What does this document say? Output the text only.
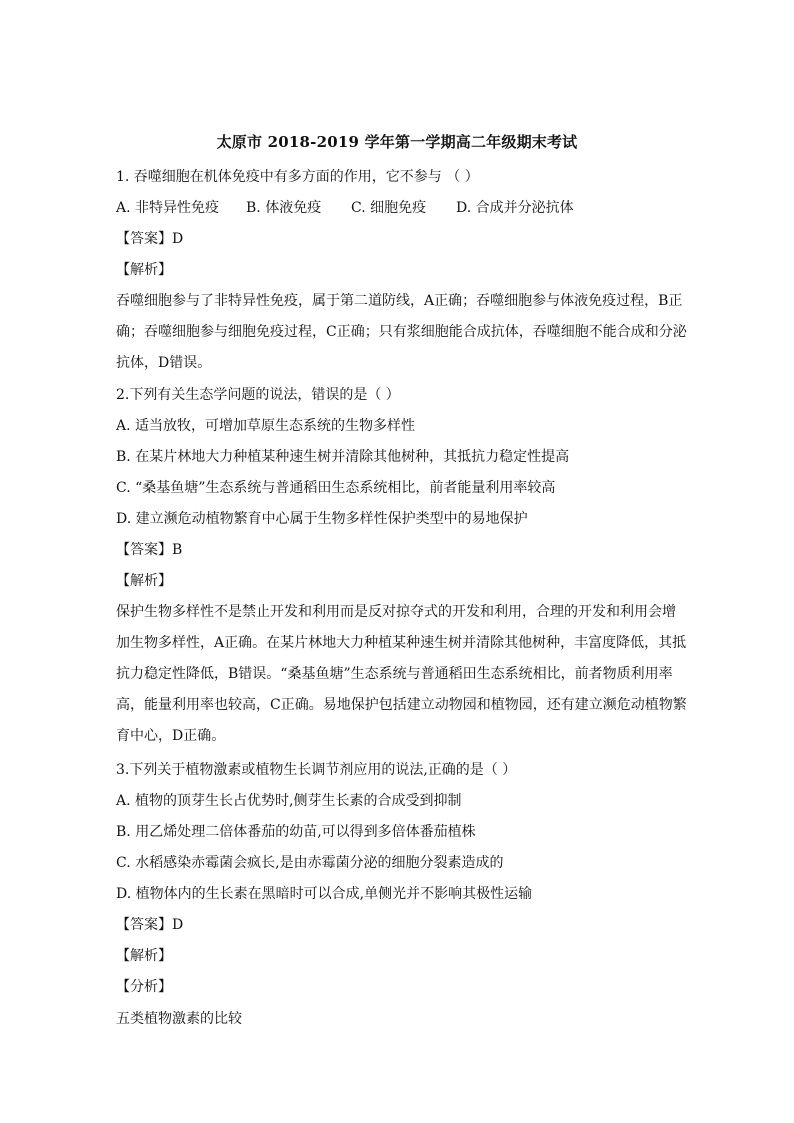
太原市 2018-2019 学年第一学期高二年级期末考试
1. 吞噬细胞在机体免疫中有多方面的作用，它不参与 （ ）
A. 非特异性免疫 B. 体液免疫 C. 细胞免疫 D. 合成并分泌抗体
【答案】D
【解析】
吞噬细胞参与了非特异性免疫，属于第二道防线，A正确；吞噬细胞参与体液免疫过程，B正
确；吞噬细胞参与细胞免疫过程，C正确；只有浆细胞能合成抗体，吞噬细胞不能合成和分泌
抗体，D错误。
2.下列有关生态学问题的说法，错误的是（ ）
A. 适当放牧，可增加草原生态系统的生物多样性
B. 在某片林地大力种植某种速生树并清除其他树种，其抵抗力稳定性提高
C. “桑基鱼塘”生态系统与普通稻田生态系统相比，前者能量利用率较高
D. 建立濒危动植物繁育中心属于生物多样性保护类型中的易地保护
【答案】B
【解析】
保护生物多样性不是禁止开发和利用而是反对掠夺式的开发和利用，合理的开发和利用会增
加生物多样性，A正确。在某片林地大力种植某种速生树并清除其他树种，丰富度降低，其抵
抗力稳定性降低，B错误。“桑基鱼塘”生态系统与普通稻田生态系统相比，前者物质利用率
高，能量利用率也较高，C正确。易地保护包括建立动物园和植物园，还有建立濒危动植物繁
育中心，D正确。
3.下列关于植物激素或植物生长调节剂应用的说法,正确的是（ ）
A. 植物的顶芽生长占优势时,侧芽生长素的合成受到抑制
B. 用乙烯处理二倍体番茄的幼苗,可以得到多倍体番茄植株
C. 水稻感染赤霉菌会疯长,是由赤霉菌分泌的细胞分裂素造成的
D. 植物体内的生长素在黑暗时可以合成,单侧光并不影响其极性运输
【答案】D
【解析】
【分析】
五类植物激素的比较
